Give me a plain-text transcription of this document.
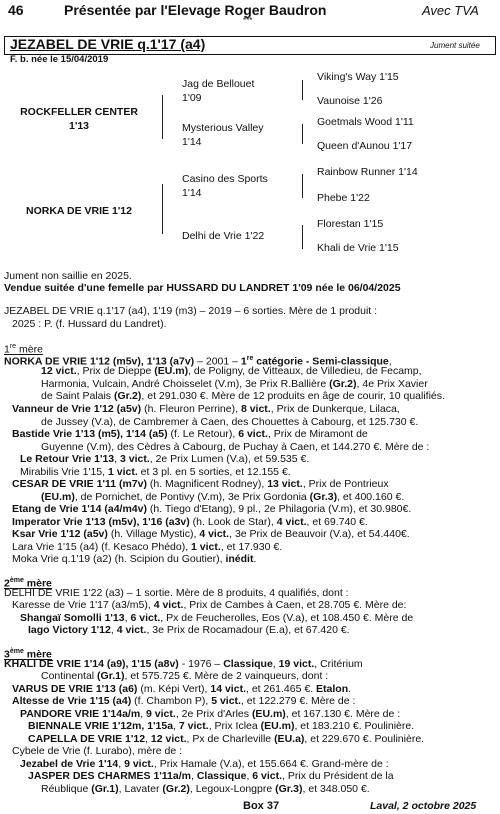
46	Présentée par l'Elevage Roger Baudron	Avec TVA
***
JEZABEL DE VRIE q.1'17 (a4)	Jument suitée
F. b. née le 15/04/2019
ROCKFELLER CENTER
1'13
NORKA DE VRIE 1'12
Jag de Bellouet
1'09
Mysterious Valley
1'14
Casino des Sports
1'14
Delhi de Vrie 1'22
Viking's Way 1'15
Vaunoise 1'26
Goetmals Wood 1'11
Queen d'Aunou 1'17
Rainbow Runner 1'14
Phebe 1'22
Florestan 1'15
Khali de Vrie 1'15
Jument non saillie en 2025.
Vendue suitée d'une femelle par HUSSARD DU LANDRET 1'09 née le 06/04/2025
JEZABEL DE VRIE q.1'17 (a4), 1'19 (m3) – 2019 – 6 sorties. Mère de 1 produit :
2025 : P. (f. Hussard du Landret).
1re mère
NORKA DE VRIE 1'12 (m5v), 1'13 (a7v) – 2001 – 1re catégorie - Semi-classique,
12 vict., Prix de Dieppe (EU.m), de Poligny, de Vitteaux, de Villedieu, de Fecamp,
Harmonia, Vulcain, André Choisselet (V.m), 3e Prix R.Ballière (Gr.2), 4e Prix Xavier
de Saint Palais (Gr.2), et 291.030 €. Mère de 12 produits en âge de courir, 10 qualifiés.
Vanneur de Vrie 1'12 (a5v) (h. Fleuron Perrine), 8 vict., Prix de Dunkerque, Lilaca,
de Jussey (V.a), de Cambremer à Caen, des Chouettes à Cabourg, et 125.730 €.
Bastide Vrie 1'13 (m5), 1'14 (a5) (f. Le Retour), 6 vict., Prix de Miramont de
Guyenne (V.m), des Cèdres à Cabourg, de Puchay à Caen, et 144.270 €. Mère de :
Le Retour Vrie 1'13, 3 vict., 2e Prix Lumen (V.a), et 59.535 €.
Mirabilis Vrie 1'15, 1 vict. et 3 pl. en 5 sorties, et 12.155 €.
CESAR DE VRIE 1'11 (m7v) (h. Magnificent Rodney), 13 vict., Prix de Pontrieux
(EU.m), de Pornichet, de Pontivy (V.m), 3e Prix Gordonia (Gr.3), et 400.160 €.
Etang de Vrie 1'14 (a4/m4v) (h. Tiego d'Etang), 9 pl., 2e Philagoria (V.m), et 30.980€.
Imperator Vrie 1'13 (m5v), 1'16 (a3v) (h. Look de Star), 4 vict., et 69.740 €.
Ksar Vrie 1'12 (a5v) (h. Village Mystic), 4 vict., 3e Prix de Beauvoir (V.a), et 54.440€.
Lara Vrie 1'15 (a4) (f. Kesaco Phédo), 1 vict., et 17.930 €.
Moka Vrie q.1'19 (a2) (h. Scipion du Goutier), inédit.
2ème mère
DELHI DE VRIE 1'22 (a3) – 1 sortie. Mère de 8 produits, 4 qualifiés, dont :
Karesse de Vrie 1'17 (a3/m5), 4 vict., Prix de Cambes à Caen, et 28.705 €. Mère de:
Shangaï Somolli 1'13, 6 vict., Px de Feucherolles, Eos (V.a), et 108.450 €. Mère de
Iago Victory 1'12, 4 vict., 3e Prix de Rocamadour (E.a), et 67.420 €.
3ème mère
KHALI DE VRIE 1'14 (a9), 1'15 (a8v) - 1976 – Classique, 19 vict., Critérium
Continental (Gr.1), et 575.725 €. Mère de 2 vainqueurs, dont :
VARUS DE VRIE 1'13 (a6) (m. Képi Vert), 14 vict., et 261.465 €. Etalon.
Altesse de Vrie 1'15 (a4) (f. Chambon P), 5 vict., et 122.279 €. Mère de :
PANDORE VRIE 1'14a/m, 9 vict., 2e Prix d'Arles (EU.m), et 167.130 €. Mère de :
BIENNALE VRIE 1'12m, 1'15a, 7 vict., Prix Iclea (EU.m), et 183.210 €. Poulinière.
CAPELLA DE VRIE 1'12, 12 vict., Px de Charleville (EU.a), et 229.670 €. Poulinière.
Cybele de Vrie (f. Lurabo), mère de :
Jezabel de Vrie 1'14, 9 vict., Prix Hamale (V.a), et 155.664 €. Grand-mère de :
JASPER DES CHARMES 1'11a/m, Classique, 6 vict., Prix du Président de la
Réublique (Gr.1), Lavater (Gr.2), Legoux-Longpre (Gr.3), et 348.050 €.
Box 37	Laval, 2 octobre 2025
